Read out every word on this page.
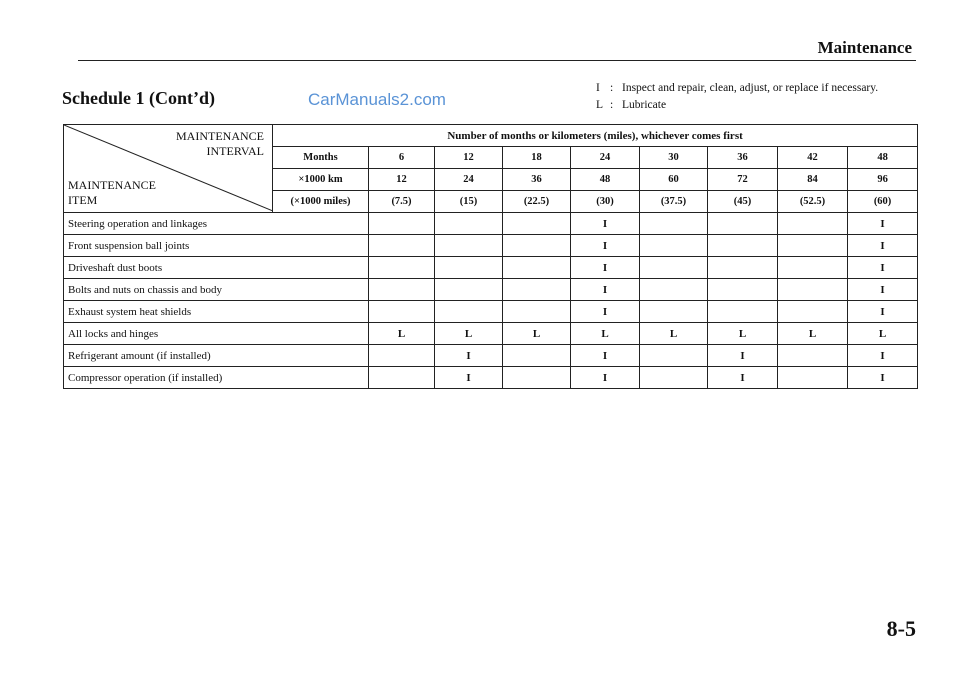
Maintenance
Schedule 1 (Cont’d)	CarManuals2.com
I : Inspect and repair, clean, adjust, or replace if necessary.
L : Lubricate
MAINTENANCE
INTERVAL
MAINTENANCE
ITEM	Number of months or kilometers (miles), whichever comes first								
	Months	6	12	18	24	30	36	42	48
	×1000 km	12	24	36	48	60	72	84	96
	(×1000 miles)	(7.5)	(15)	(22.5)	(30)	(37.5)	(45)	(52.5)	(60)
Steering operation and linkages					I				I
Front suspension ball joints					I				I
Driveshaft dust boots					I				I
Bolts and nuts on chassis and body					I				I
Exhaust system heat shields					I				I
All locks and hinges		L	L	L	L	L	L	L	L
Refrigerant amount (if installed)			I		I		I		I
Compressor operation (if installed)			I		I		I		I
8-5
